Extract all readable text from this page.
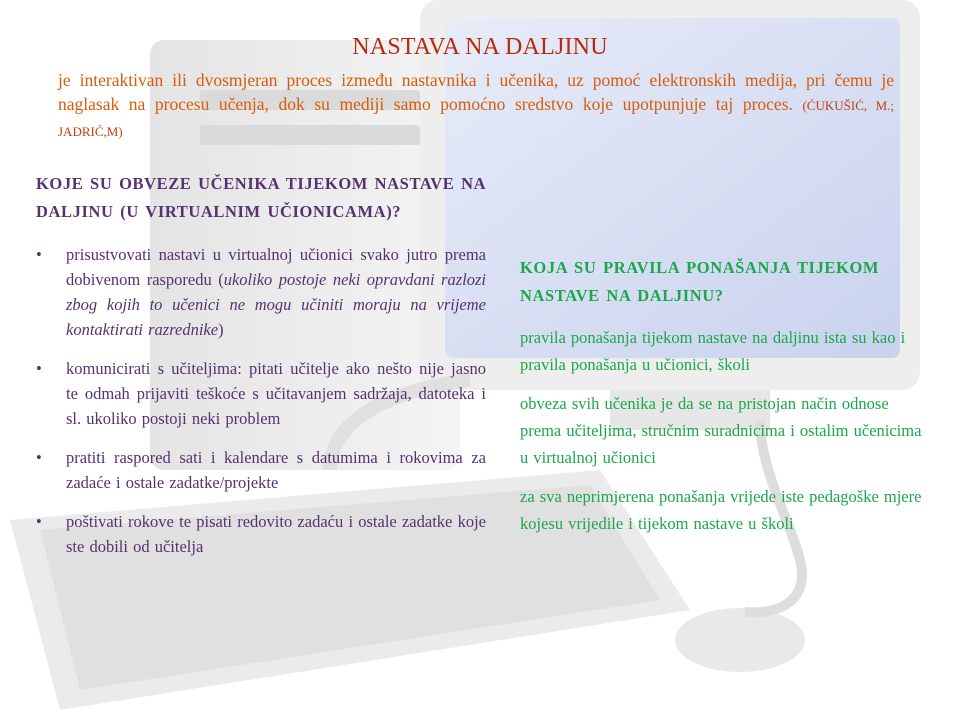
NASTAVA NA DALJINU
je interaktivan ili dvosmjeran proces između nastavnika i učenika, uz pomoć elektronskih medija, pri čemu je naglasak na procesu učenja, dok su mediji samo pomoćno sredstvo koje upotpunjuje taj proces. (ĆUKUŠIĆ, M.; JADRIĆ,M)
KOJE SU OBVEZE UČENIKA TIJEKOM NASTAVE NA DALJINU (U VIRTUALNIM UČIONICAMA)?
• prisustvovati nastavi u virtualnoj učionici svako jutro prema dobivenom rasporedu (ukoliko postoje neki opravdani razlozi zbog kojih to učenici ne mogu učiniti moraju na vrijeme kontaktirati razrednike)
• komunicirati s učiteljima: pitati učitelje ako nešto nije jasno te odmah prijaviti teškoće s učitavanjem sadržaja, datoteka i sl. ukoliko postoji neki problem
• pratiti raspored sati i kalendare s datumima i rokovima za zadaće i ostale zadatke/projekte
• poštivati rokove te pisati redovito zadaću i ostale zadatke koje ste dobili od učitelja
KOJA SU PRAVILA PONAŠANJA TIJEKOM NASTAVE NA DALJINU?

pravila ponašanja tijekom nastave na daljinu ista su kao i pravila ponašanja u učionici, školi

obveza svih učenika je da se na pristojan način odnose prema učiteljima, stručnim suradnicima i ostalim učenicima u virtualnoj učionici

za sva neprimjerena ponašanja vrijede iste pedagoške mjere kojesu vrijedile i tijekom nastave u školi
